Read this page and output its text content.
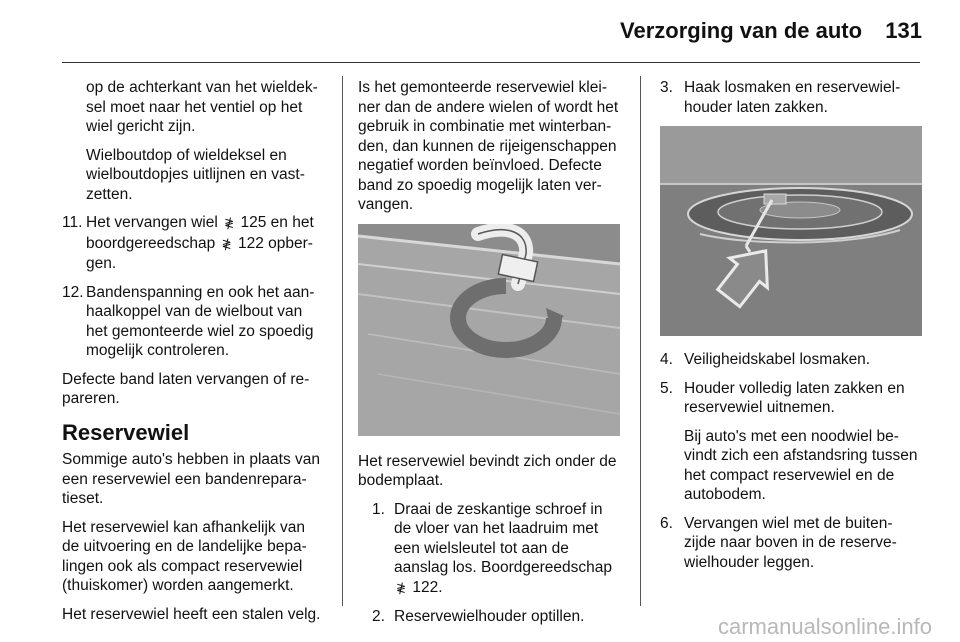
Verzorging van de auto	131

op de achterkant van het wieldek-sel moet naar het ventiel op het wiel gericht zijn.

Wielboutdop of wieldeksel en wielboutdopjes uitlijnen en vast-zetten.

11. Het vervangen wiel ≹ 125 en het boordgereedschap ≹ 122 opber-gen.
12. Bandenspanning en ook het aan-haalkoppel van de wielbout van het gemonteerde wiel zo spoedig mogelijk controleren.

Defecte band laten vervangen of re-pareren.

Reservewiel

Sommige auto's hebben in plaats van een reservewiel een bandenrepara-tieset.

Het reservewiel kan afhankelijk van de uitvoering en de landelijke bepa-lingen ook als compact reservewiel (thuiskomer) worden aangemerkt.

Het reservewiel heeft een stalen velg.

Is het gemonteerde reservewiel klei-ner dan de andere wielen of wordt het gebruik in combinatie met winterban-den, dan kunnen de rijeigenschappen negatief worden beïnvloed. Defecte band zo spoedig mogelijk laten ver-vangen.

Het reservewiel bevindt zich onder de bodemplaat.

1. Draai de zeskantige schroef in de vloer van het laadruim met een wielsleutel tot aan de aanslag los. Boordgereedschap ≹ 122.
2. Reservewielhouder optillen.
3. Haak losmaken en reservewiel-houder laten zakken.
4. Veiligheidskabel losmaken.
5. Houder volledig laten zakken en reservewiel uitnemen.

Bij auto's met een noodwiel be-vindt zich een afstandsring tussen het compact reservewiel en de autobodem.

6. Vervangen wiel met de buiten-zijde naar boven in de reserve-wielhouder leggen.
carmanualsonline.info
